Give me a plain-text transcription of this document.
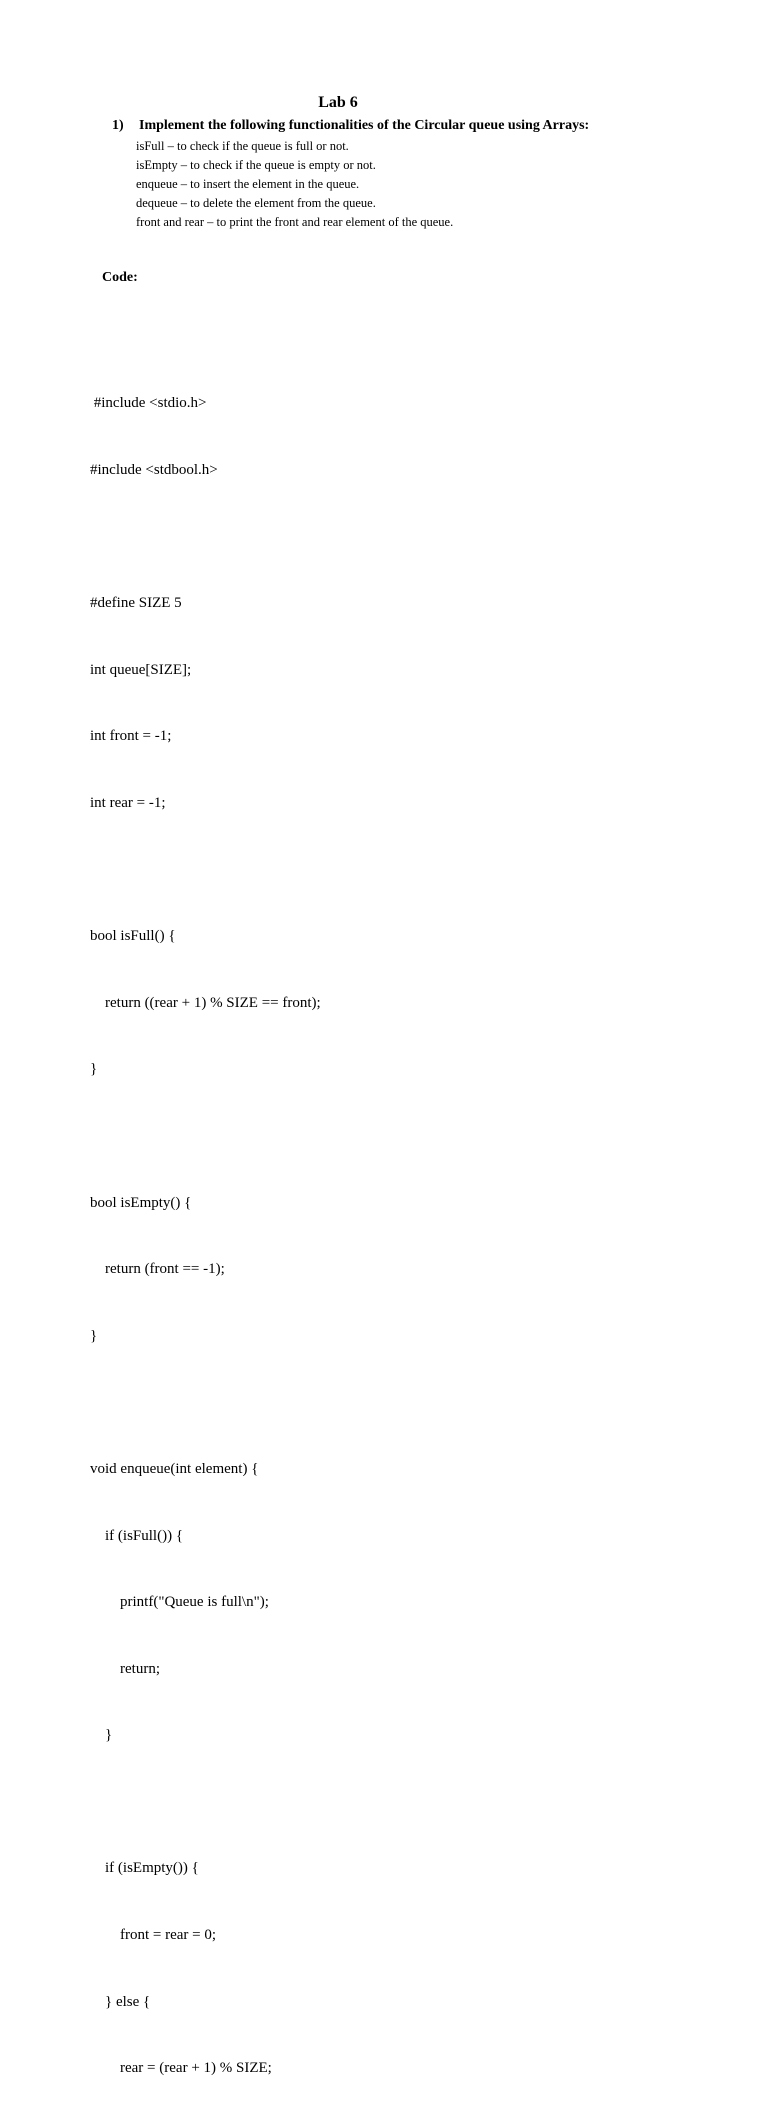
Lab 6
1) Implement the following functionalities of the Circular queue using Arrays:
isFull – to check if the queue is full or not.
isEmpty – to check if the queue is empty or not.
enqueue – to insert the element in the queue.
dequeue – to delete the element from the queue.
front and rear – to print the front and rear element of the queue.
Code:

#include <stdio.h>

#include <stdbool.h>

#define SIZE 5

int queue[SIZE];

int front = -1;

int rear = -1;

bool isFull() {

return ((rear + 1) % SIZE == front);

}

bool isEmpty() {

return (front == -1);

}

void enqueue(int element) {

if (isFull()) {

printf("Queue is full\n");

return;

}

if (isEmpty()) {

front = rear = 0;

} else {

rear = (rear + 1) % SIZE;
